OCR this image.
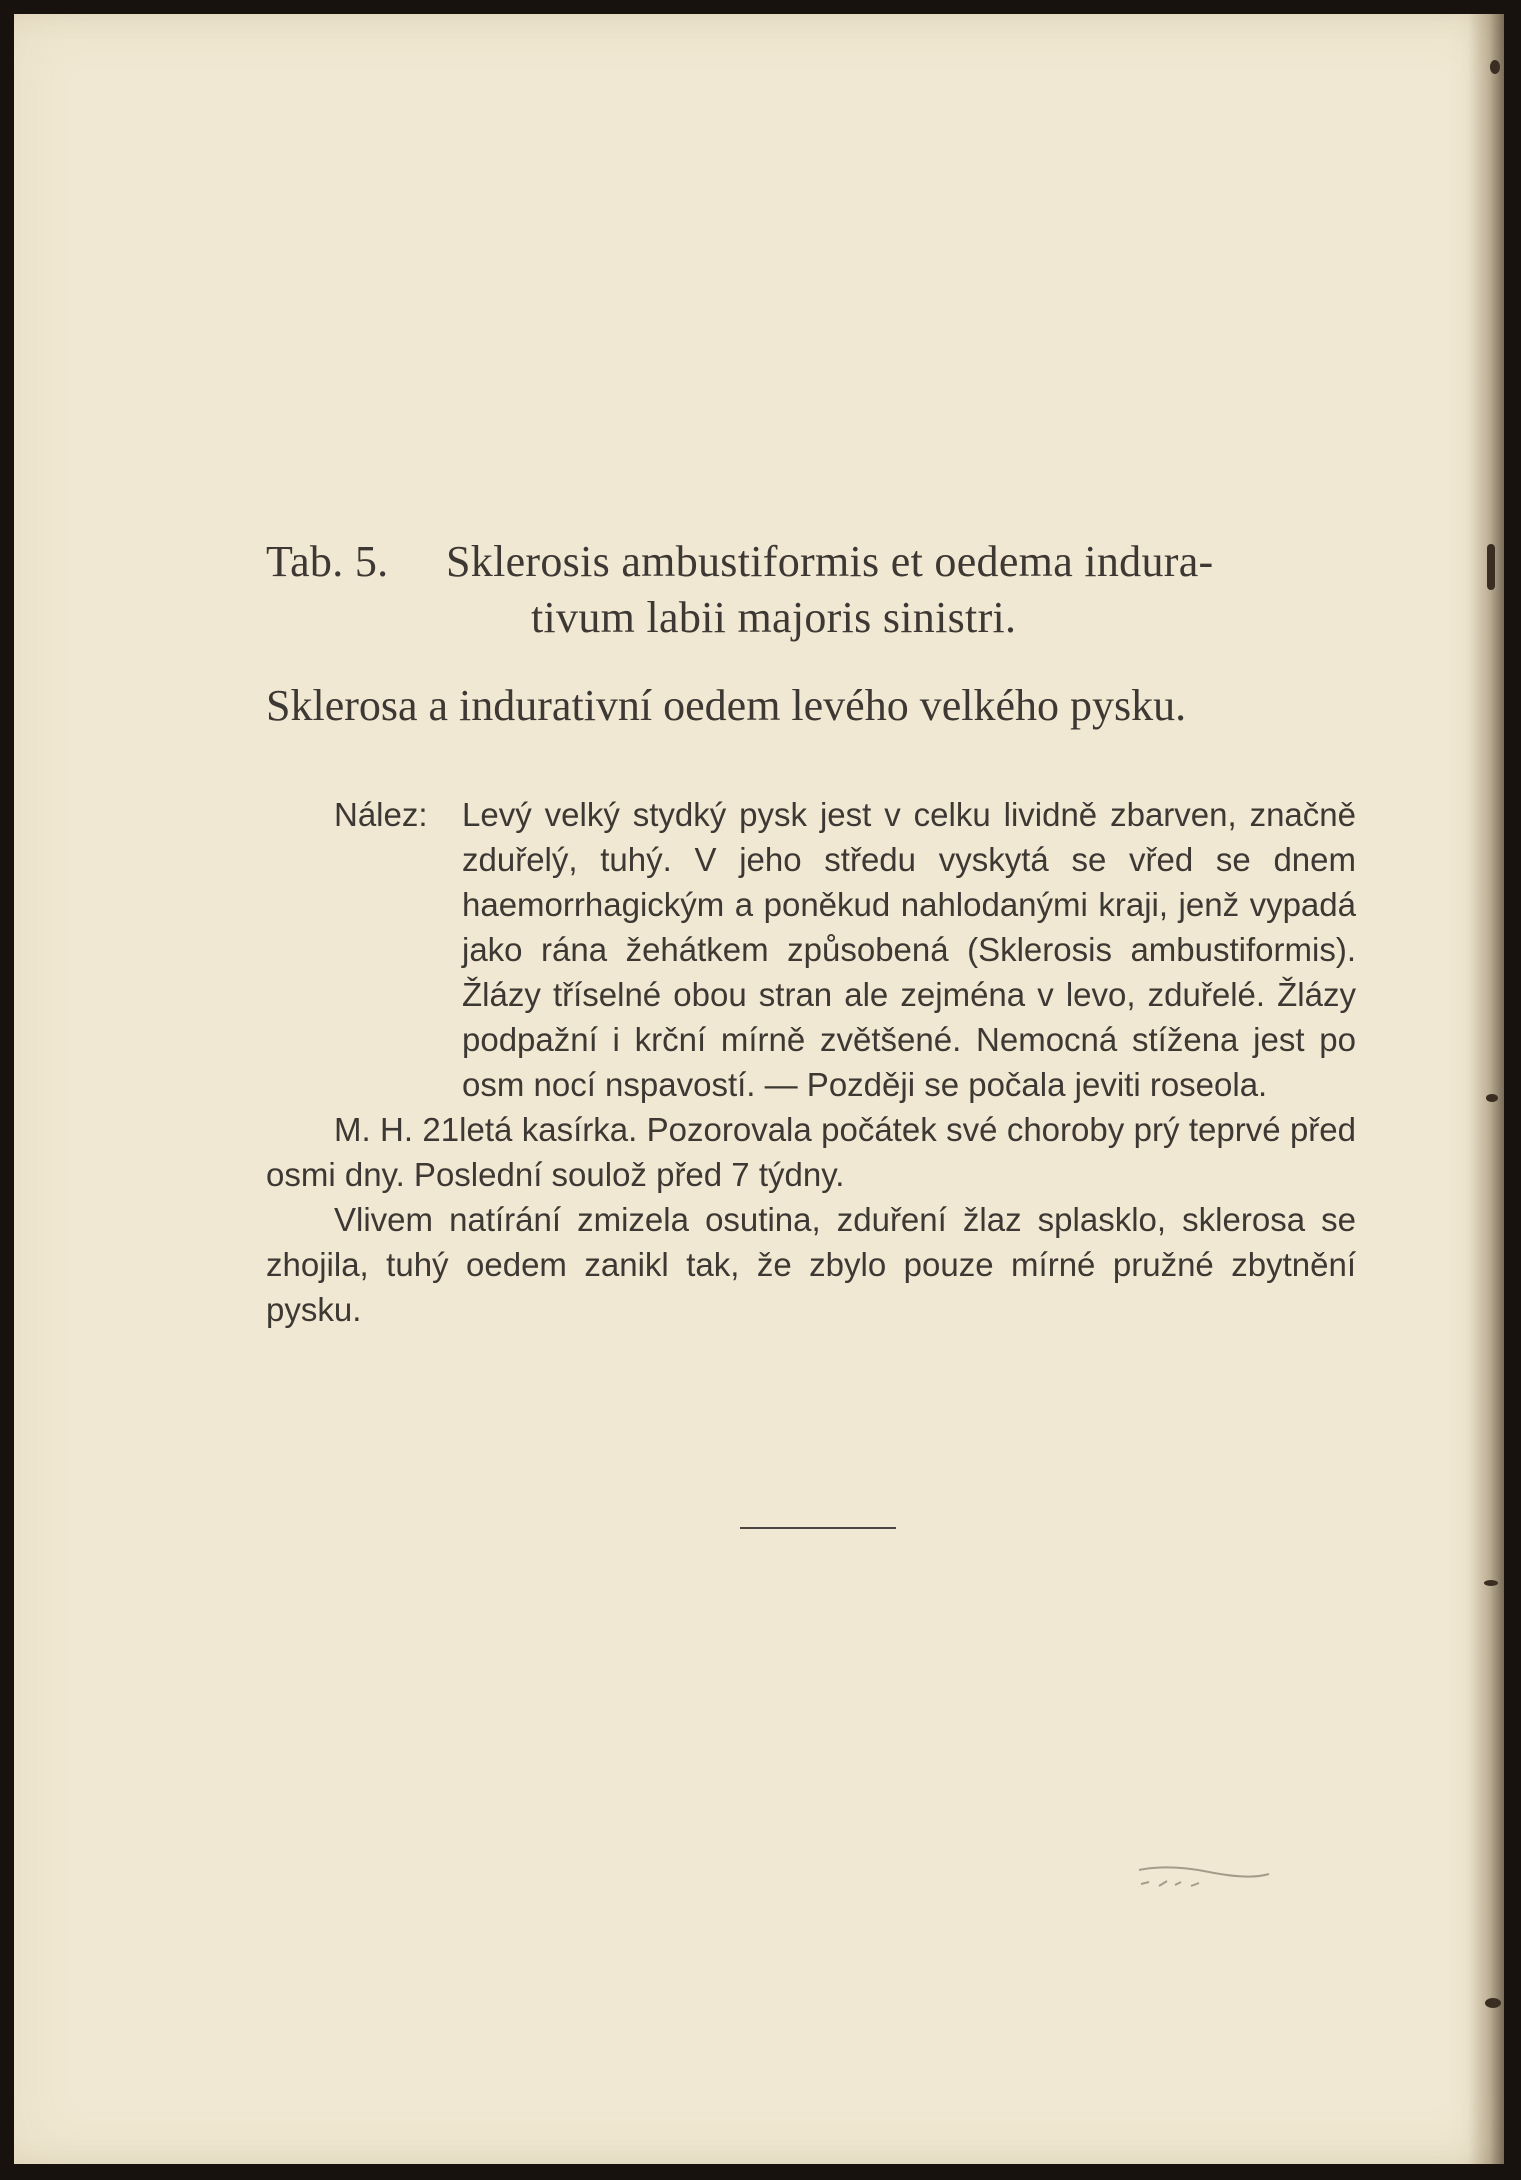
Tab. 5. Sklerosis ambustiformis et oedema indura-
tivum labii majoris sinistri.
Sklerosa a indurativní oedem levého velkého pysku.
Nález:	Levý velký stydký pysk jest v celku lividně zbarven, značně zduřelý, tuhý. V jeho středu vyskytá se vřed se dnem haemorrhagickým a poněkud nahlodanými kraji, jenž vypadá jako rána žehátkem způsobená (Sklerosis ambustiformis). Žlázy tříselné obou stran ale zejména v levo, zduřelé. Žlázy podpažní i krční mírně zvětšené. Nemocná stížena jest po osm nocí nspavostí. — Později se počala jeviti roseola.
M. H. 21letá kasírka. Pozorovala počátek své choroby prý teprvé před osmi dny. Poslední soulož před 7 týdny.
Vlivem natírání zmizela osutina, zduření žlaz splasklo, sklerosa se zhojila, tuhý oedem zanikl tak, že zbylo pouze mírné pružné zbytnění pysku.
